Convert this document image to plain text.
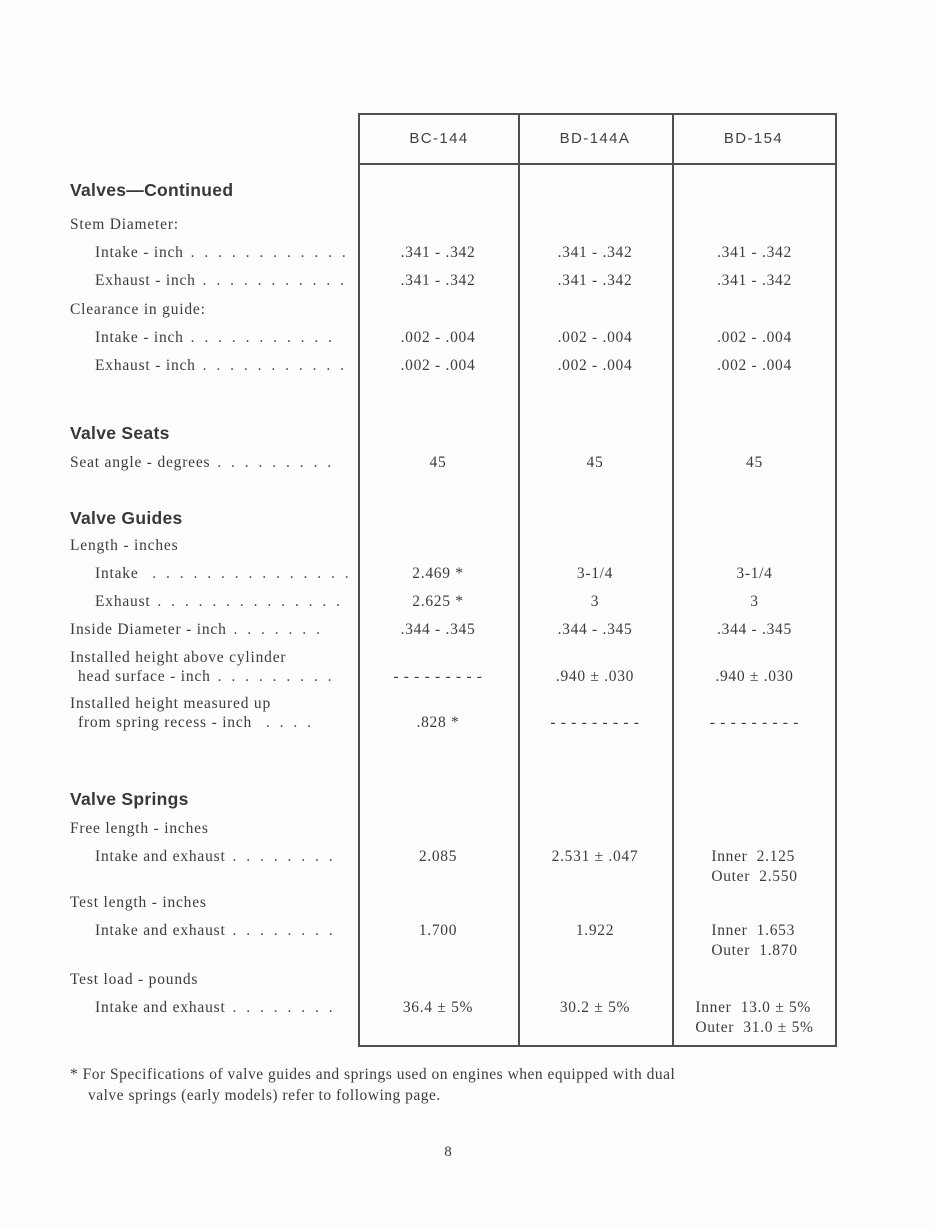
BC-144	BD-144A	BD-154
Valves—Continued
Stem Diameter:
Intake - inch . . . . . . . . . . . .	.341 - .342	.341 - .342	.341 - .342
Exhaust - inch . . . . . . . . . . .	.341 - .342	.341 - .342	.341 - .342
Clearance in guide:
Intake - inch . . . . . . . . . . .	.002 - .004	.002 - .004	.002 - .004
Exhaust - inch . . . . . . . . . . .	.002 - .004	.002 - .004	.002 - .004
Valve Seats
Seat angle - degrees . . . . . . . . .	45	45	45
Valve Guides
Length - inches
Intake  . . . . . . . . . . . . . . .	2.469 *	3-1/4	3-1/4
Exhaust . . . . . . . . . . . . . .	2.625 *	3	3
Inside Diameter - inch . . . . . . .	.344 - .345	.344 - .345	.344 - .345
Installed height above cylinder
head surface - inch . . . . . . . . .	- - - - - - - - -	.940 ± .030	.940 ± .030
Installed height measured up
from spring recess - inch  . . . .	.828 *	- - - - - - - - -	- - - - - - - - -
Valve Springs
Free length - inches
Intake and exhaust . . . . . . . .	2.085	2.531 ± .047	Inner  2.125
Outer  2.550
Test length - inches
Intake and exhaust . . . . . . . .	1.700	1.922	Inner  1.653
Outer  1.870
Test load - pounds
Intake and exhaust . . . . . . . .	36.4 ± 5%	30.2 ± 5%	Inner  13.0 ± 5%
Outer  31.0 ± 5%
* For Specifications of valve guides and springs used on engines when equipped with dual
valve springs (early models) refer to following page.
8
